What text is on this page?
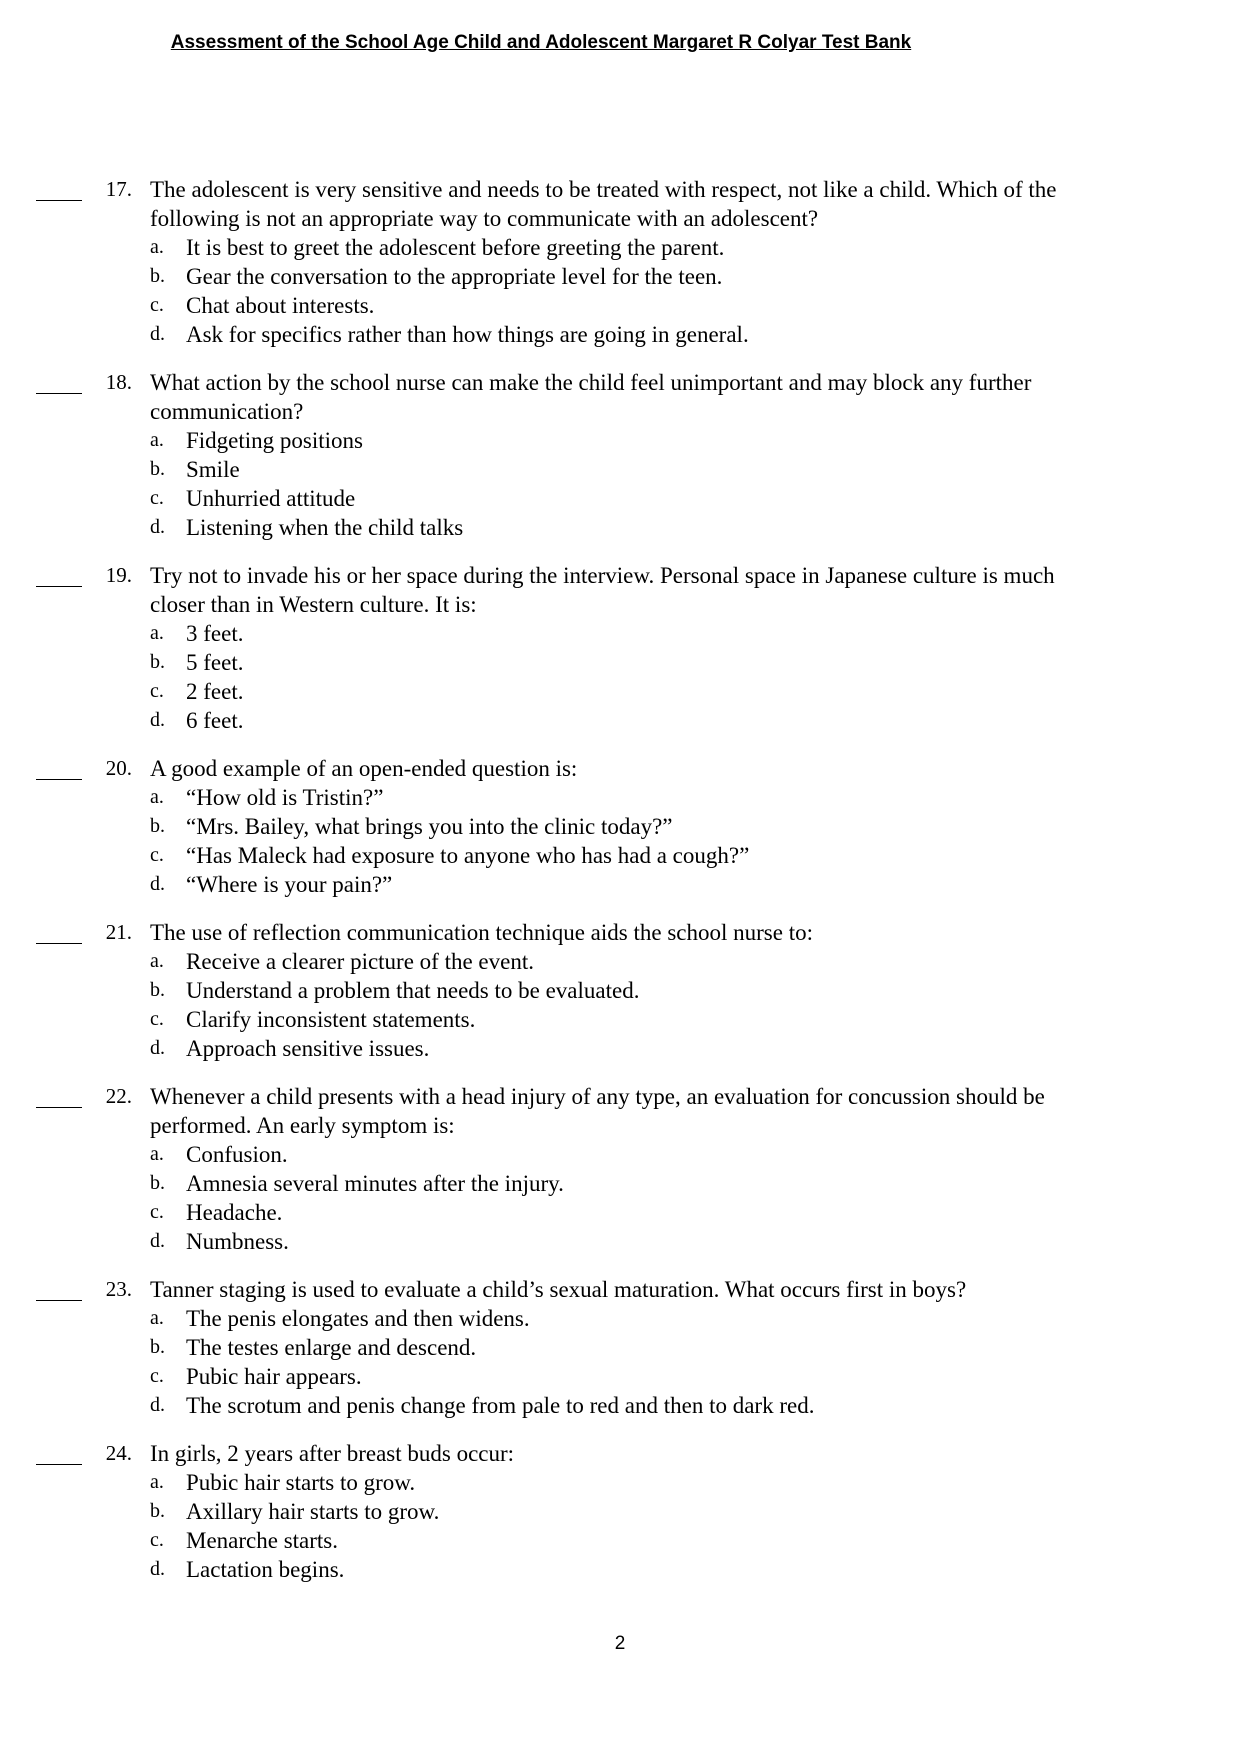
Assessment of the School Age Child and Adolescent Margaret R Colyar Test Bank
17. The adolescent is very sensitive and needs to be treated with respect, not like a child. Which of the following is not an appropriate way to communicate with an adolescent?
a. It is best to greet the adolescent before greeting the parent.
b. Gear the conversation to the appropriate level for the teen.
c. Chat about interests.
d. Ask for specifics rather than how things are going in general.
18. What action by the school nurse can make the child feel unimportant and may block any further communication?
a. Fidgeting positions
b. Smile
c. Unhurried attitude
d. Listening when the child talks
19. Try not to invade his or her space during the interview. Personal space in Japanese culture is much closer than in Western culture. It is:
a. 3 feet.
b. 5 feet.
c. 2 feet.
d. 6 feet.
20. A good example of an open-ended question is:
a. “How old is Tristin?”
b. “Mrs. Bailey, what brings you into the clinic today?”
c. “Has Maleck had exposure to anyone who has had a cough?”
d. “Where is your pain?”
21. The use of reflection communication technique aids the school nurse to:
a. Receive a clearer picture of the event.
b. Understand a problem that needs to be evaluated.
c. Clarify inconsistent statements.
d. Approach sensitive issues.
22. Whenever a child presents with a head injury of any type, an evaluation for concussion should be performed. An early symptom is:
a. Confusion.
b. Amnesia several minutes after the injury.
c. Headache.
d. Numbness.
23. Tanner staging is used to evaluate a child’s sexual maturation. What occurs first in boys?
a. The penis elongates and then widens.
b. The testes enlarge and descend.
c. Pubic hair appears.
d. The scrotum and penis change from pale to red and then to dark red.
24. In girls, 2 years after breast buds occur:
a. Pubic hair starts to grow.
b. Axillary hair starts to grow.
c. Menarche starts.
d. Lactation begins.
2
